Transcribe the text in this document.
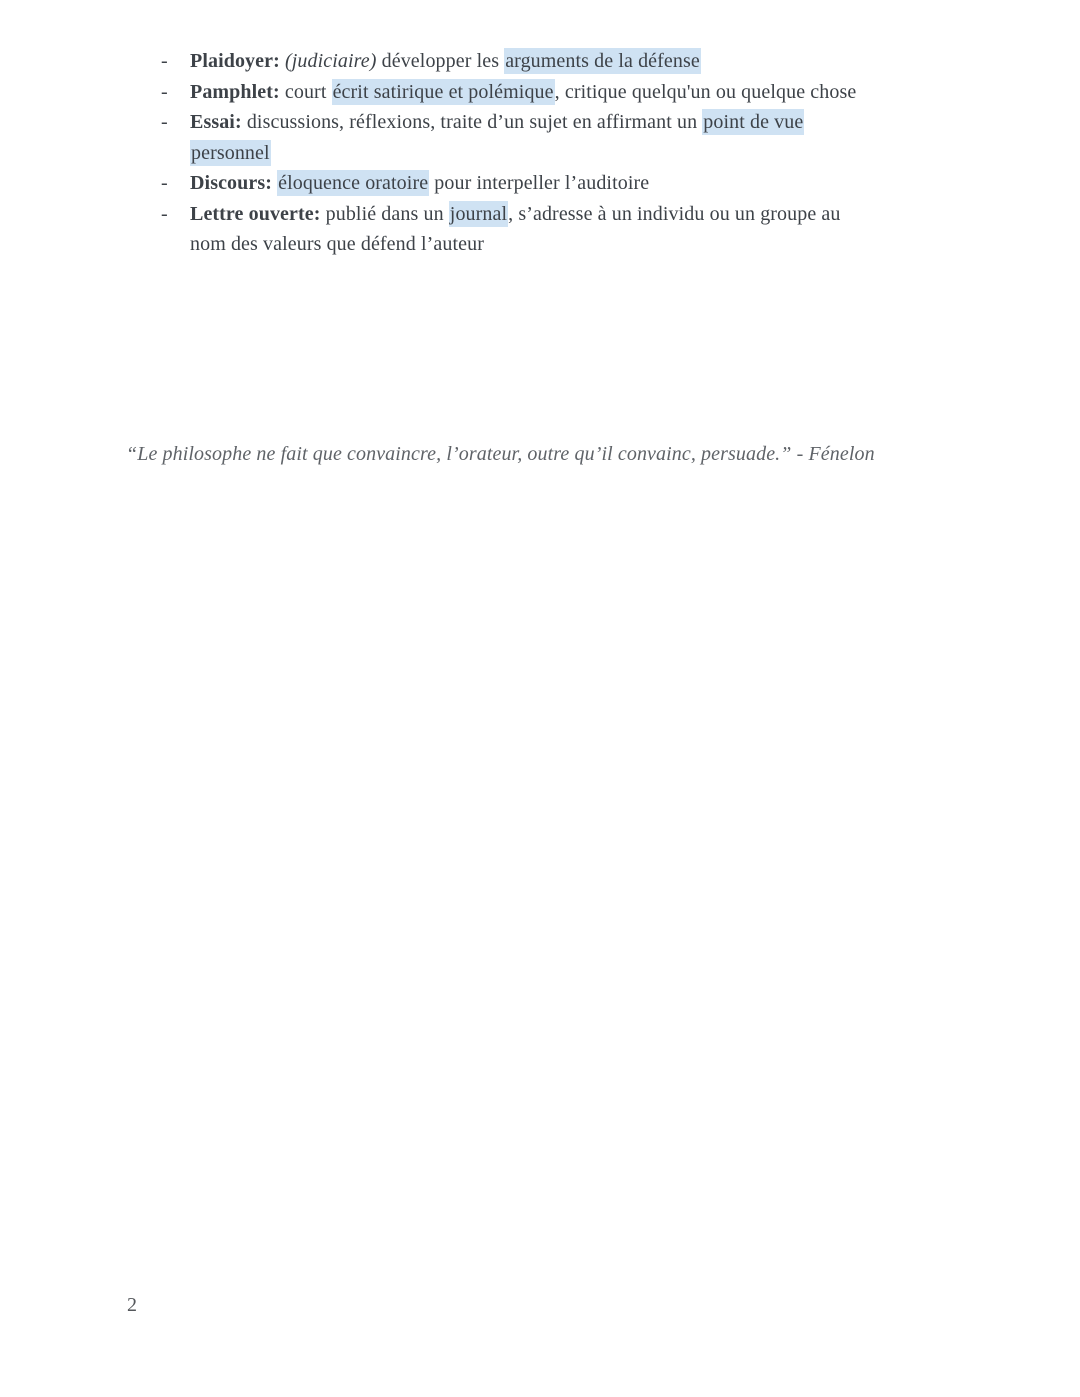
- Plaidoyer: (judiciaire) développer les arguments de la défense
- Pamphlet: court écrit satirique et polémique, critique quelqu'un ou quelque chose
- Essai: discussions, réflexions, traite d’un sujet en affirmant un point de vue
personnel
- Discours: éloquence oratoire pour interpeller l’auditoire
- Lettre ouverte: publié dans un journal, s’adresse à un individu ou un groupe au
nom des valeurs que défend l’auteur

“Le philosophe ne fait que convaincre, l’orateur, outre qu’il convainc, persuade.” - Fénelon

2
